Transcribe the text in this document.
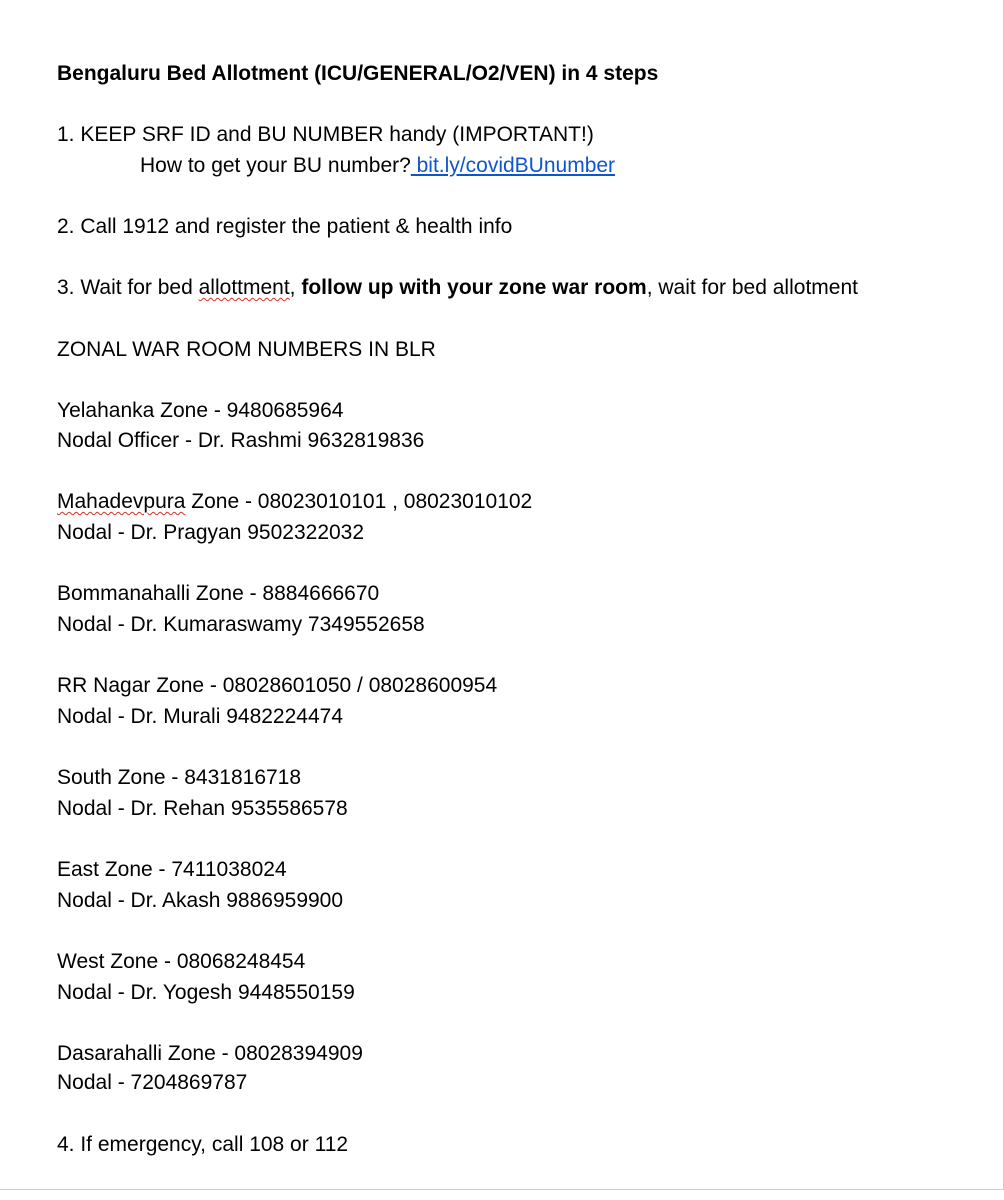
Bengaluru Bed Allotment (ICU/GENERAL/O2/VEN) in 4 steps
1. KEEP SRF ID and BU NUMBER handy (IMPORTANT!)
How to get your BU number? bit.ly/covidBUnumber
2. Call 1912 and register the patient & health info
3. Wait for bed allottment, follow up with your zone war room, wait for bed allotment
ZONAL WAR ROOM NUMBERS IN BLR
Yelahanka Zone - 9480685964
Nodal Officer - Dr. Rashmi 9632819836
Mahadevpura Zone - 08023010101 , 08023010102
Nodal - Dr. Pragyan 9502322032
Bommanahalli Zone - 8884666670
Nodal - Dr. Kumaraswamy 7349552658
RR Nagar Zone - 08028601050 / 08028600954
Nodal - Dr. Murali 9482224474
South Zone - 8431816718
Nodal - Dr. Rehan 9535586578
East Zone - 7411038024
Nodal - Dr. Akash 9886959900
West Zone - 08068248454
Nodal - Dr. Yogesh 9448550159
Dasarahalli Zone - 08028394909
Nodal - 7204869787
4. If emergency, call 108 or 112
